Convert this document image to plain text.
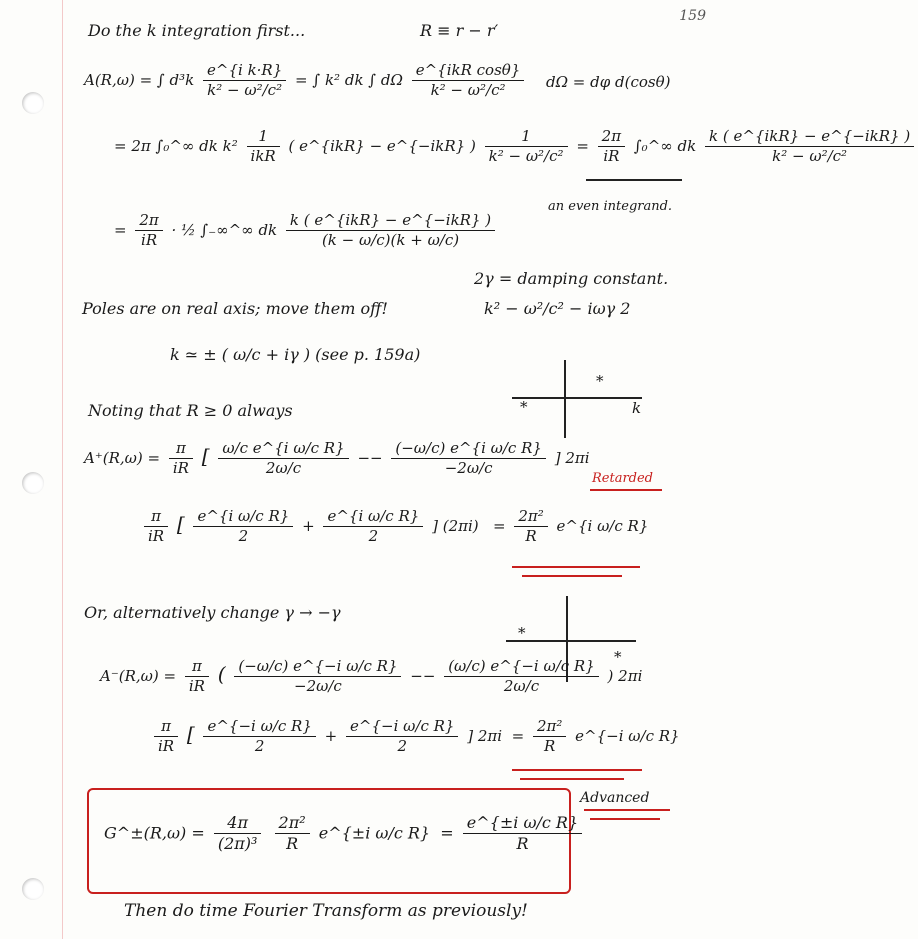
159
Do the k integration first...	R ≡ r − r′
A(R,ω) = ∫ $d^3k \frac{\text{e\textasciicircum{}\{i k·R\}}}{\text{k² − ω²/c²}}$ = ∫ k² dk ∫ dΩ $\frac{\text{e\textasciicircum{}\{ikR cosθ\}}}{\text{k² − ω²/c²}}$ dΩ = dφ d(cosθ)
= 2π ∫₀^∞ dk $k^2 \frac{1}{\text{ikR}}$ ( e^{ikR} − e^{−ikR} ) $\frac{1}{\text{k² − ω²/c²}} = \frac{2\pi}{iR}$ ∫₀^∞ dk $\frac{\text{k ( e\textasciicircum{}\{ikR\} − e\textasciicircum{}\{−ikR\} )}}{\text{k² − ω²/c²}}$
an even integrand.
= $\frac{2\pi}{iR}$ · ½ ∫₋∞^∞ dk $\frac{\text{k ( e\textasciicircum{}\{ikR\} − e\textasciicircum{}\{−ikR\} )}}{(k - \omega/c)(k + \omega/c)}$
2γ = damping constant.
Poles are on real axis; move them off!	k² − ω²/c² − iωγ 2
k ≃ ± ( ω/c + iγ ) (see p. 159a)
*
*	k
Noting that R ≥ 0 always
$A^+(R,\omega) = \frac{\pi}{iR}$ [ $\frac{\text{ω/c e\textasciicircum{}\{i ω/c R\}}}{2\omega/c} -- \frac{\text{(−ω/c) e\textasciicircum{}\{i ω/c R\}}}{-2\omega/c}$ ] 2πi
Retarded
$\frac{\pi}{iR}$ [ $\frac{\text{e\textasciicircum{}\{i ω/c R\}}}{2} + \frac{\text{e\textasciicircum{}\{i ω/c R\}}}{2}$ ] $(2\pi i) = \frac{\text{2π²}}{R}$ e^{i ω/c R}
Or, alternatively change γ → −γ
*
*
$A^-(R,\omega) = \frac{\pi}{iR}$ ( $\frac{\text{(−ω/c) e\textasciicircum{}\{−i ω/c R\}}}{-2\omega/c} -- \frac{\text{(ω/c) e\textasciicircum{}\{−i ω/c R\}}}{2\omega/c}$ ) 2πi
$\frac{\pi}{iR}$ [ $\frac{\text{e\textasciicircum{}\{−i ω/c R\}}}{2} + \frac{\text{e\textasciicircum{}\{−i ω/c R\}}}{2}$ ] $2\pi i = \frac{\text{2π²}}{R}$ e^{−i ω/c R}
Advanced
G^±(R,ω) = $\frac{4\pi}{\text{(2π)³}}$
$\frac{\text{2π²}}{R}$ e^{±i ω/c $R\} = \frac{\text{e\textasciicircum{}\{±i ω/c R\}}}{R}$
Then do time Fourier Transform as previously!
